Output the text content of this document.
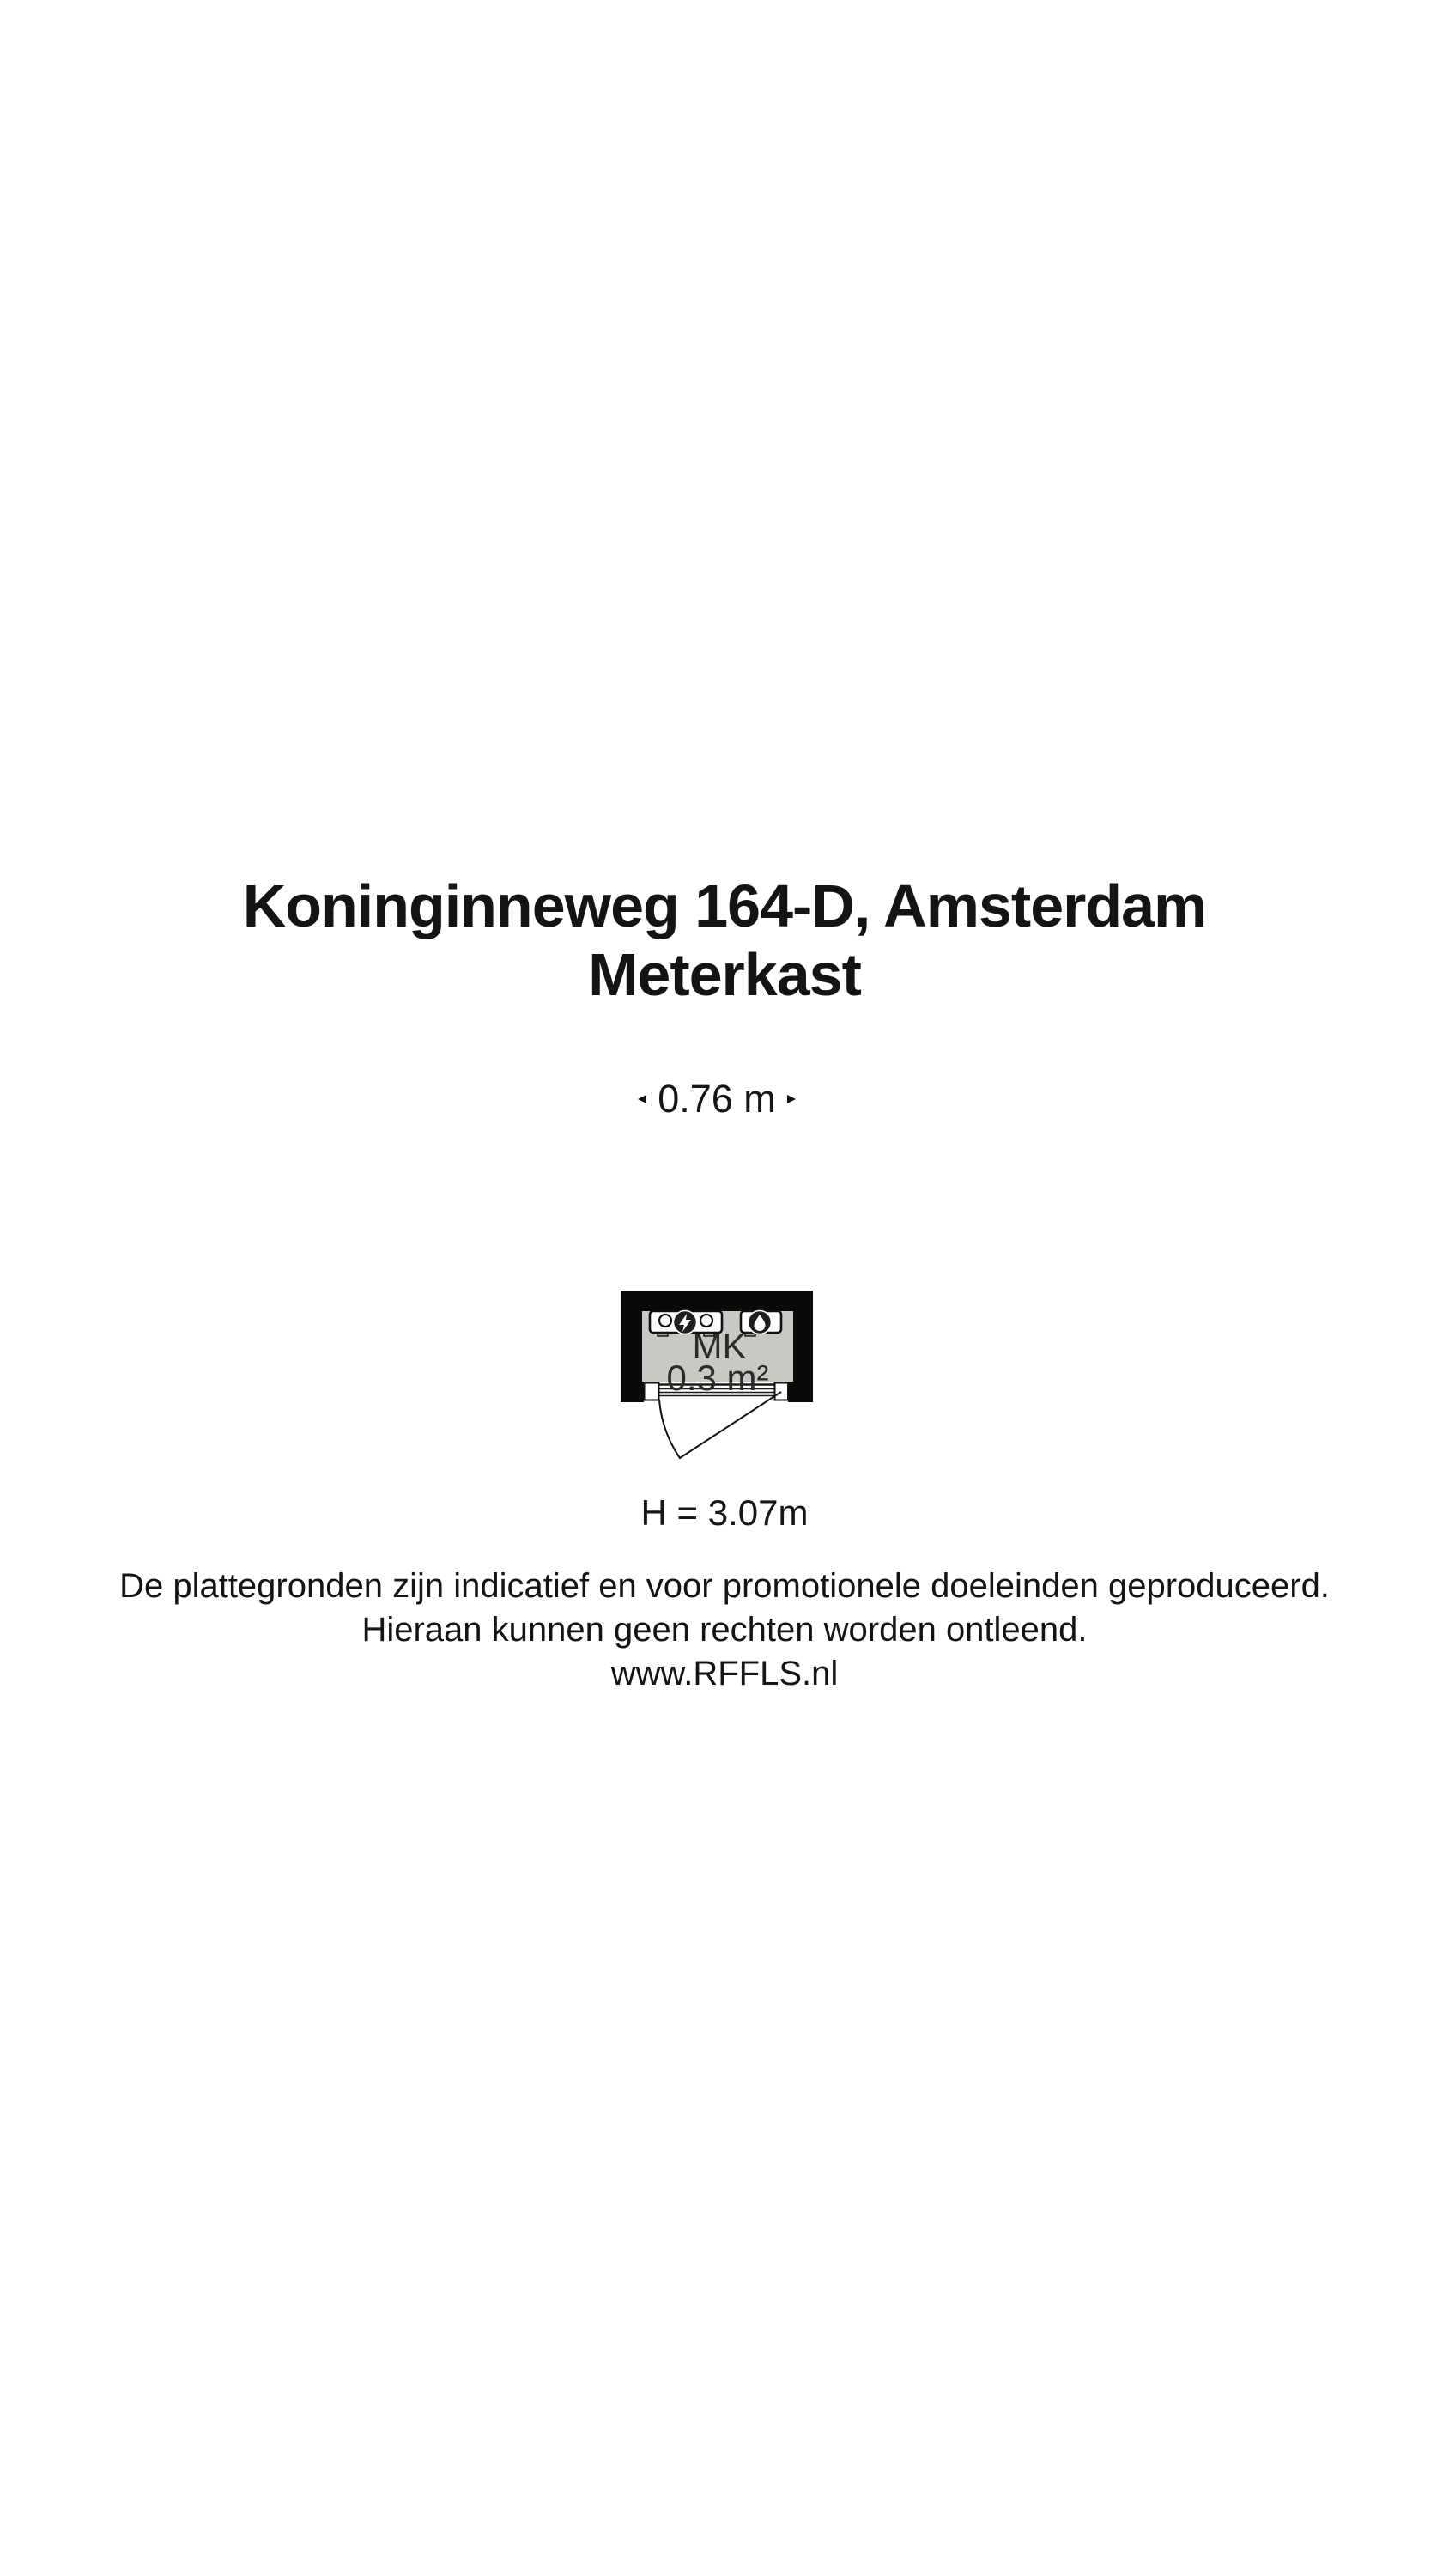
Koninginneweg 164-D, Amsterdam
Meterkast
0.76 m
MK
0.3 m²
H = 3.07m
De plattegronden zijn indicatief en voor promotionele doeleinden geproduceerd.
Hieraan kunnen geen rechten worden ontleend.
www.RFFLS.nl
